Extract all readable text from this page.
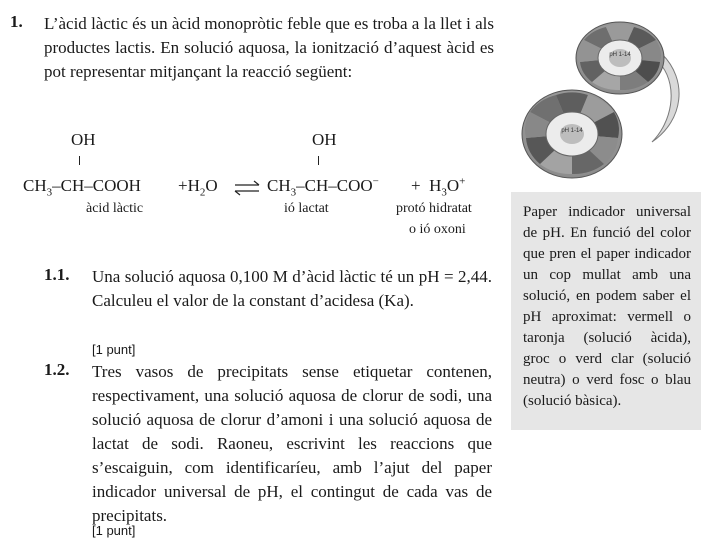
1. L’àcid làctic és un àcid monopròtic feble que es troba a la llet i als productes lactis. En solució aquosa, la ionització d’aquest àcid es pot representar mitjançant la reacció següent:

OH	OH
$CH_3-CH$–COOH $+H_2O$ ⇌ $CH_3-CH-COO^- + H_3O^+$
àcid làctic	ió lactat	protó hidratat
o ió oxoni
1.1. Una solució aquosa 0,100 M d’àcid làctic té un pH = 2,44. Calculeu el valor de la constant d’acidesa (Ka).

[1 punt]
1.2. Tres vasos de precipitats sense etiquetar contenen, respectivament, una solució aquosa de clorur de sodi, una solució aquosa de clorur d’amoni i una solució aquosa de lactat de sodi. Raoneu, escrivint les reaccions que s’escaiguin, com identificaríeu, amb l’ajut del paper indicador universal de pH, el contingut de cada vas de precipitats.

[1 punt]
pH 1-14
pH 1-14

Paper indicador universal de pH. En funció del color que pren el paper indicador un cop mullat amb una solució, en podem saber el pH aproximat: vermell o taronja (solució àcida), groc o verd clar (solució neutra) o verd fosc o blau (solució bàsica).
